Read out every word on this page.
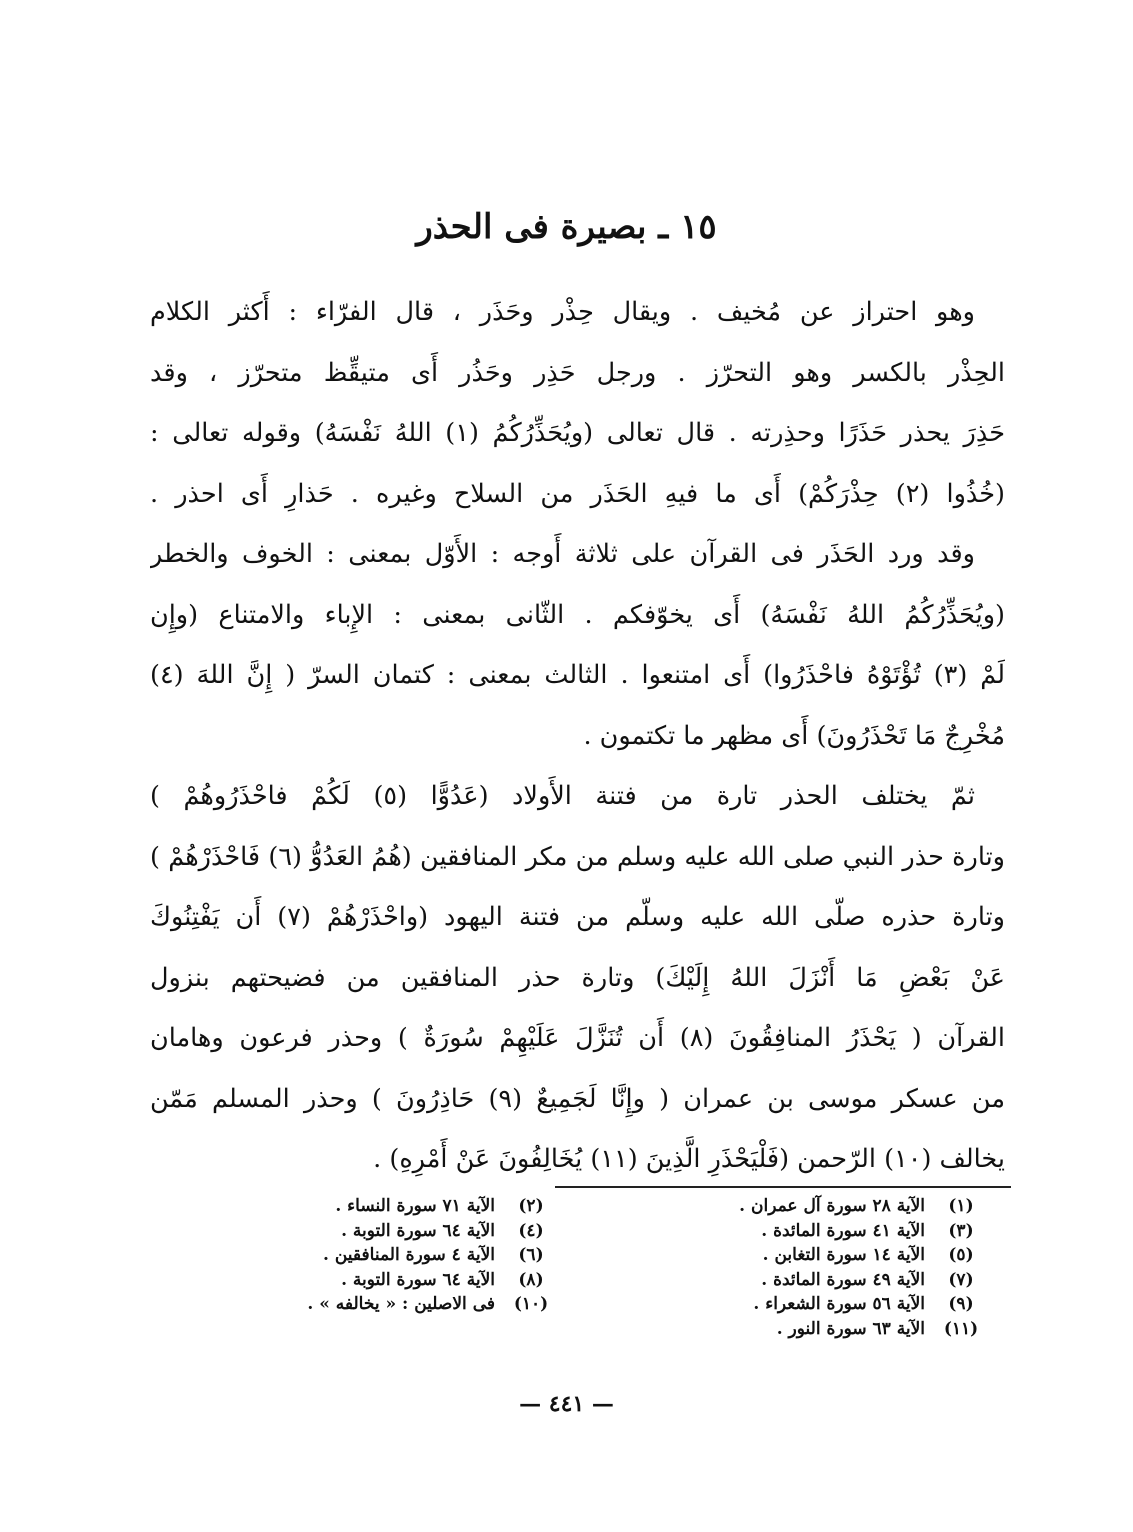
١٥ ـ بصيرة فى الحذر
وهو احتراز عن مُخيف . ويقال حِذْر وحَذَر ، قال الفرّاء : أَكثر الكلام
الحِذْر بالكسر وهو التحرّز . ورجل حَذِر وحَذُر أَى متيقِّظ متحرّز ، وقد
حَذِرَ يحذر حَذَرًا وحذِرته . قال تعالى (ويُحَذِّرُكُمُ (١) اللهُ نَفْسَهُ) وقوله تعالى :
(خُذُوا (٢) حِذْرَكُمْ) أَى ما فيهِ الحَذَر من السلاح وغيره . حَذارِ أَى احذر .
وقد ورد الحَذَر فى القرآن على ثلاثة أَوجه : الأَوّل بمعنى : الخوف والخطر
(ويُحَذِّرُكُمُ اللهُ نَفْسَهُ) أَى يخوّفكم . الثّانى بمعنى : الإِباء والامتناع (وإِن
لَمْ (٣) تُؤْتَوْهُ فاحْذَرُوا) أَى امتنعوا . الثالث بمعنى : كتمان السرّ ( إِنَّ اللهَ (٤)
مُخْرِجٌ مَا تَحْذَرُونَ) أَى مظهر ما تكتمون .
ثمّ يختلف الحذر تارة من فتنة الأَولاد (عَدُوًّا (٥) لَكُمْ فاحْذَرُوهُمْ )
وتارة حذر النبي صلى الله عليه وسلم من مكر المنافقين (هُمُ العَدُوُّ (٦) فَاحْذَرْهُمْ )
وتارة حذره صلّى الله عليه وسلّم من فتنة اليهود (واحْذَرْهُمْ (٧) أَن يَفْتِنُوكَ
عَنْ بَعْضِ مَا أَنْزَلَ اللهُ إِلَيْكَ) وتارة حذر المنافقين من فضيحتهم بنزول
القرآن ( يَحْذَرُ المنافِقُونَ (٨) أَن تُنَزَّلَ عَلَيْهِمْ سُورَةٌ ) وحذر فرعون وهامان
من عسكر موسى بن عمران ( وإِنَّا لَجَمِيعٌ (٩) حَاذِرُونَ ) وحذر المسلم مَمّن
يخالف (١٠) الرّحمن (فَلْيَحْذَرِ الَّذِينَ (١١) يُخَالِفُونَ عَنْ أَمْرِهِ) .
(١)
الآية ٢٨ سورة آل عمران .
(٣)
الآية ٤١ سورة المائدة .
(٥)
الآية ١٤ سورة التغابن .
(٧)
الآية ٤٩ سورة المائدة .
(٩)
الآية ٥٦ سورة الشعراء .
(١١)
الآية ٦٣ سورة النور .
(٢)
الآية ٧١ سورة النساء .
(٤)
الآية ٦٤ سورة التوبة .
(٦)
الآية ٤ سورة المنافقين .
(٨)
الآية ٦٤ سورة التوبة .
(١٠)
فى الاصلين : « يخالفه » .
— ٤٤١ —
